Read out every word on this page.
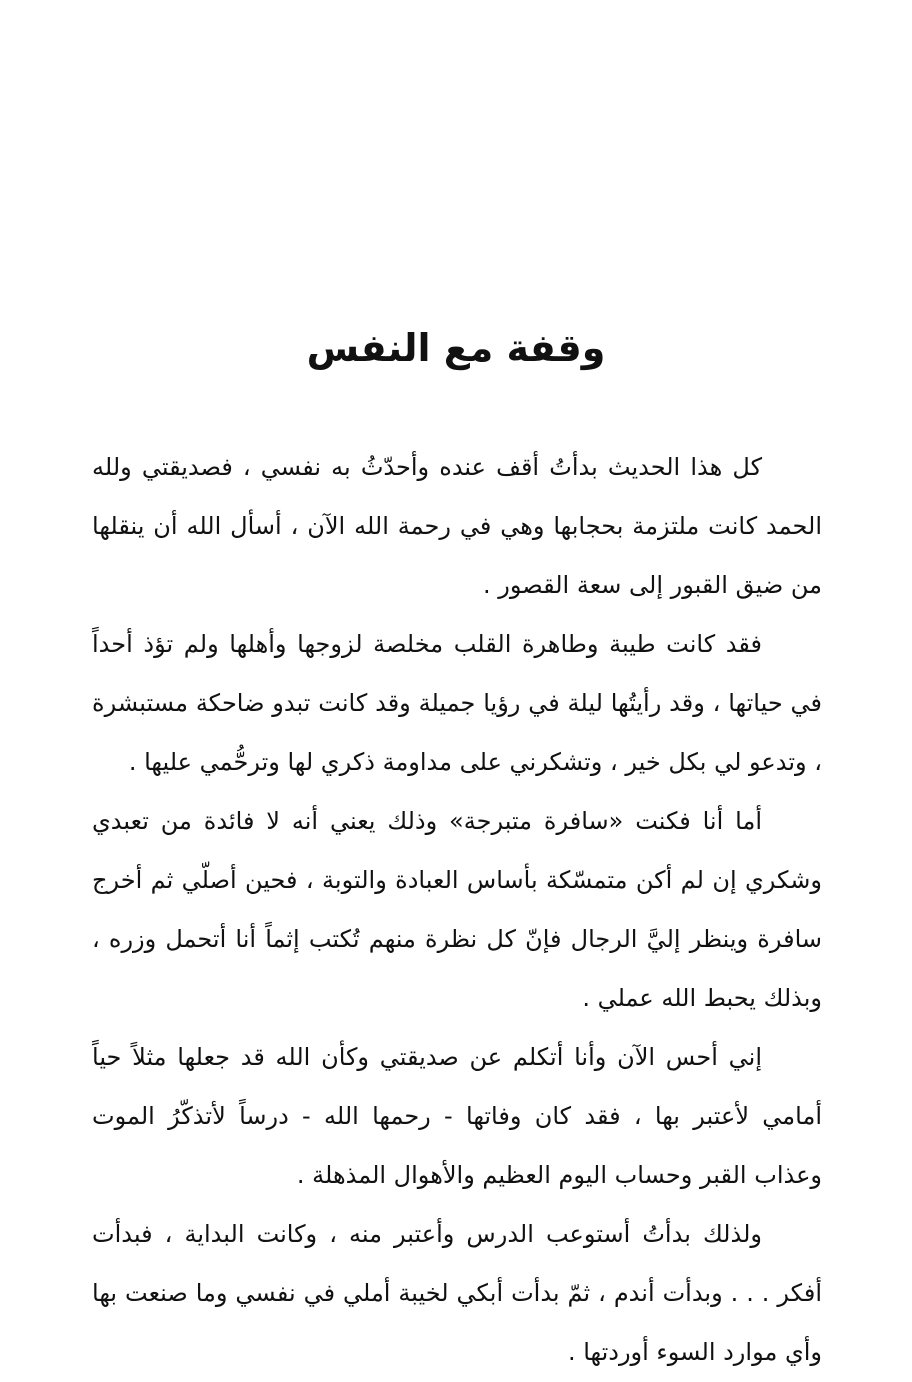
وقفة مع النفس

كل هذا الحديث بدأتُ أقف عنده وأحدّثُ به نفسي ، فصديقتي ولله الحمد كانت ملتزمة بحجابها وهي في رحمة الله الآن ، أسأل الله أن ينقلها من ضيق القبور إلى سعة القصور .

فقد كانت طيبة وطاهرة القلب مخلصة لزوجها وأهلها ولم تؤذ أحداً في حياتها ، وقد رأيتُها ليلة في رؤيا جميلة وقد كانت تبدو ضاحكة مستبشرة ، وتدعو لي بكل خير ، وتشكرني على مداومة ذكري لها وترحُّمي عليها .

أما أنا فكنت «سافرة متبرجة» وذلك يعني أنه لا فائدة من تعبدي وشكري إن لم أكن متمسّكة بأساس العبادة والتوبة ، فحين أصلّي ثم أخرج سافرة وينظر إليَّ الرجال فإنّ كل نظرة منهم تُكتب إثماً أنا أتحمل وزره ، وبذلك يحبط الله عملي .

إني أحس الآن وأنا أتكلم عن صديقتي وكأن الله قد جعلها مثلاً حياً أمامي لأعتبر بها ، فقد كان وفاتها - رحمها الله - درساً لأتذكّرُ الموت وعذاب القبر وحساب اليوم العظيم والأهوال المذهلة .

ولذلك بدأتُ أستوعب الدرس وأعتبر منه ، وكانت البداية ، فبدأت أفكر . . . وبدأت أندم ، ثمّ بدأت أبكي لخيبة أملي في نفسي وما صنعت بها وأي موارد السوء أوردتها .
